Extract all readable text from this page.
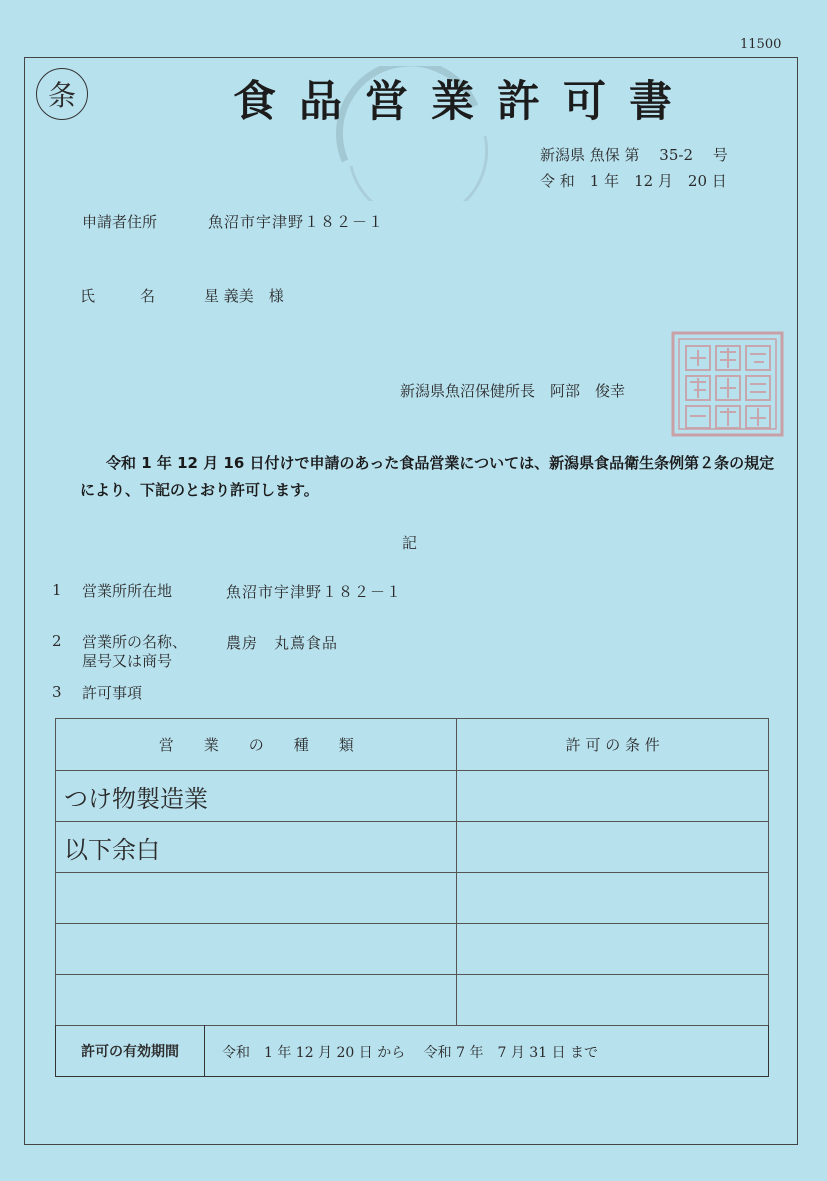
11500
条	食品営業許可書
新潟県 魚保 第　 35-2　 号
令 和　1 年　12 月　20 日
申請者住所	魚沼市宇津野１８２－１
氏　　　名	星 義美　様
新潟県魚沼保健所長　阿部　俊幸
令和 1 年 12 月 16 日付けで申請のあった食品営業については、新潟県食品衛生条例第２条の規定により、下記のとおり許可します。
記
1 営業所所在地	魚沼市宇津野１８２－１
2 営業所の名称、
屋号又は商号
農房　丸蔦食品
3 許可事項
営　　業　　の　　種　　類	許 可 の 条 件
つけ物製造業	
以下余白	

許可の有効期間	令和　1 年 12 月 20 日 から　 令和 7 年　7 月 31 日 まで
